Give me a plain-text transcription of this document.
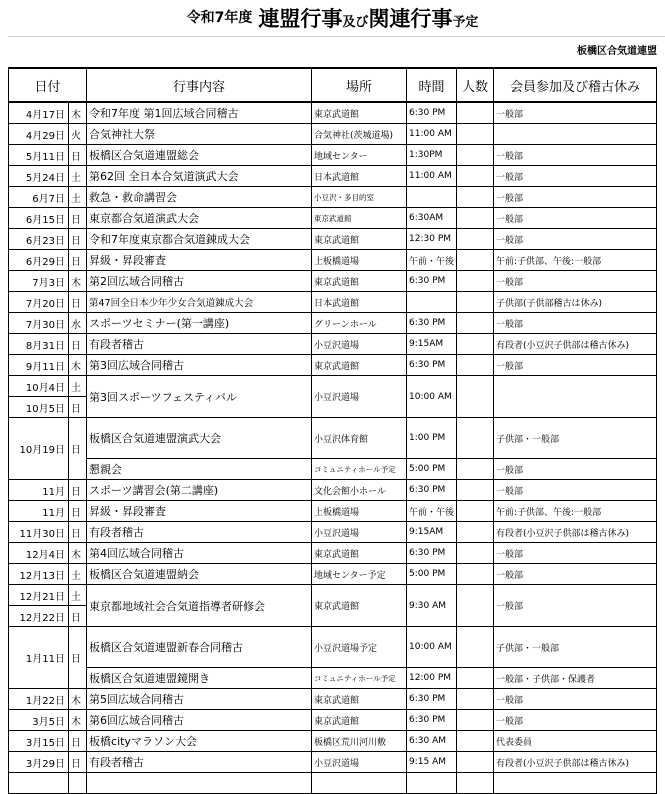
令和7年度 連盟行事及び関連行事予定
板橋区合気道連盟
日付		行事内容	場所	時間	人数	会員参加及び稽古休み
4月17日	木	令和7年度 第1回広域合同稽古	東京武道館	6:30 PM		一般部
4月29日	火	合気神社大祭	合気神社(茨城道場)	11:00 AM		
5月11日	日	板橋区合気道連盟総会	地域センター	1:30PM		一般部
5月24日	土	第62回 全日本合気道演武大会	日本武道館	11:00 AM		一般部
6月7日	土	救急・救命講習会	小豆沢・多目的室			一般部
6月15日	日	東京都合気道演武大会	東京武道館	6:30AM		一般部
6月23日	日	令和7年度東京都合気道錬成大会	東京武道館	12:30 PM		一般部
6月29日	日	昇級・昇段審査	上板橋道場	午前・午後		午前:子供部、午後:一般部
7月3日	木	第2回広域合同稽古	東京武道館	6:30 PM		一般部
7月20日	日	第47回全日本少年少女合気道錬成大会	日本武道館			子供部(子供部稽古は休み)
7月30日	水	スポーツセミナー(第一講座)	グリーンホール	6:30 PM		一般部
8月31日	日	有段者稽古	小豆沢道場	9:15AM		有段者(小豆沢子供部は稽古休み)
9月11日	木	第3回広域合同稽古	東京武道館	6:30 PM		一般部
10月4日	土	第3回スポーツフェスティバル	小豆沢道場	10:00 AM		
10月5日	日					
10月19日	日	板橋区合気道連盟演武大会	小豆沢体育館	1:00 PM		子供部・一般部
		懇親会	コミュニティホール予定	5:00 PM		一般部
11月	日	スポーツ講習会(第二講座)	文化会館小ホール	6:30 PM		一般部
11月	日	昇級・昇段審査	上板橋道場	午前・午後		午前:子供部、午後:一般部
11月30日	日	有段者稽古	小豆沢道場	9:15AM		有段者(小豆沢子供部は稽古休み)
12月4日	木	第4回広域合同稽古	東京武道館	6:30 PM		一般部
12月13日	土	板橋区合気道連盟納会	地域センター予定	5:00 PM		一般部
12月21日	土	東京都地域社会合気道指導者研修会	東京武道館	9:30 AM		一般部
12月22日	日					
1月11日	日	板橋区合気道連盟新春合同稽古	小豆沢道場予定	10:00 AM		子供部・一般部
		板橋区合気道連盟鏡開き	コミュニティホール予定	12:00 PM		一般部・子供部・保護者
1月22日	木	第5回広域合同稽古	東京武道館	6:30 PM		一般部
3月5日	木	第6回広域合同稽古	東京武道館	6:30 PM		一般部
3月15日	日	板橋cityマラソン大会	板橋区荒川河川敷	6:30 AM		代表委員
3月29日	日	有段者稽古	小豆沢道場	9:15 AM		有段者(小豆沢子供部は稽古休み)
